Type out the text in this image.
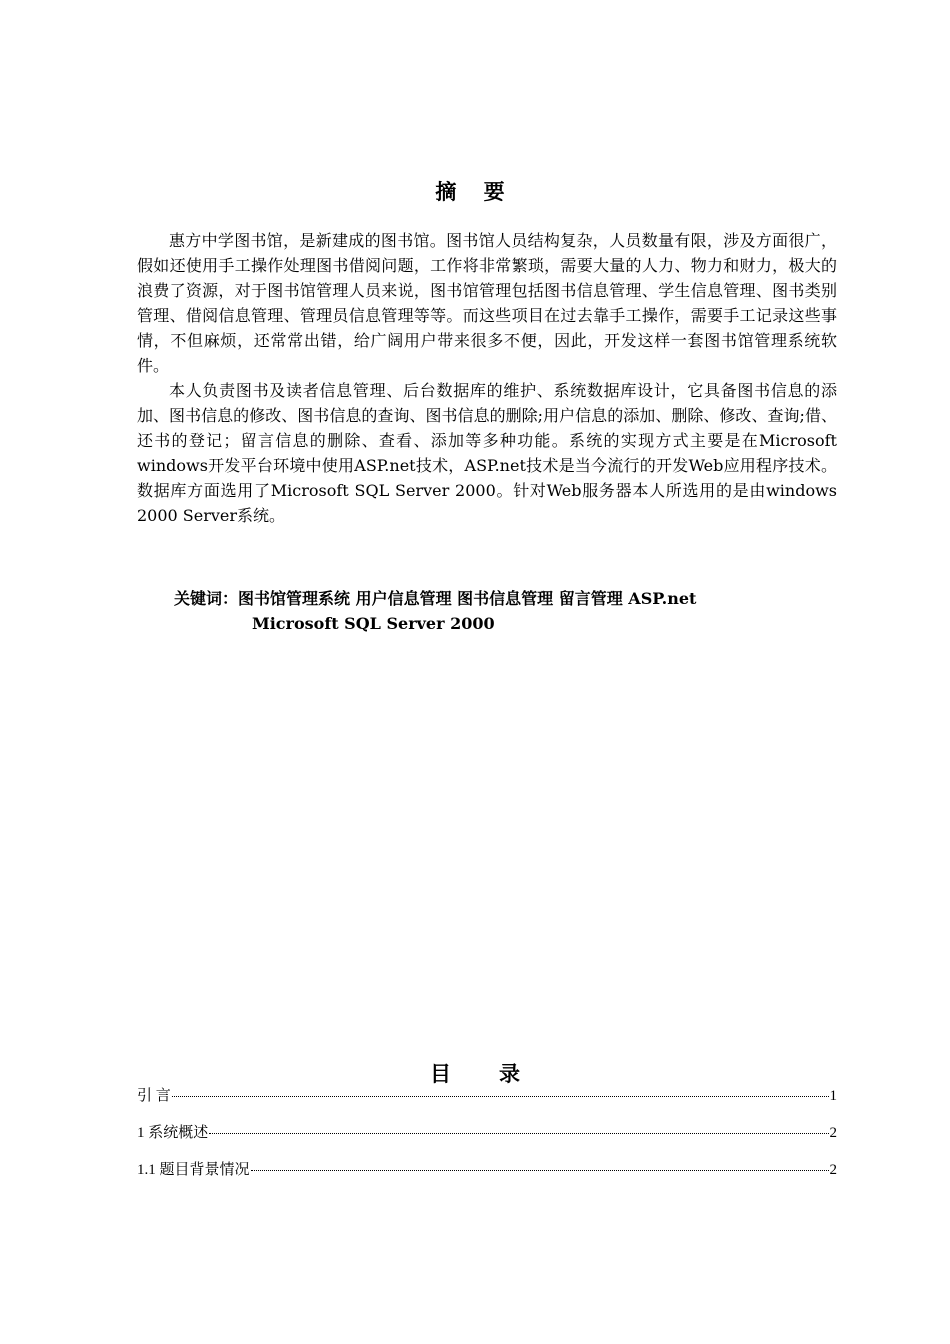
摘 要

惠方中学图书馆，是新建成的图书馆。图书馆人员结构复杂，人员数量有限，涉及方面很广，假如还使用手工操作处理图书借阅问题，工作将非常繁琐，需要大量的人力、物力和财力，极大的浪费了资源，对于图书馆管理人员来说，图书馆管理包括图书信息管理、学生信息管理、图书类别管理、借阅信息管理、管理员信息管理等等。而这些项目在过去靠手工操作，需要手工记录这些事情，不但麻烦，还常常出错，给广阔用户带来很多不便，因此，开发这样一套图书馆管理系统软件。

本人负责图书及读者信息管理、后台数据库的维护、系统数据库设计，它具备图书信息的添加、图书信息的修改、图书信息的查询、图书信息的删除;用户信息的添加、删除、修改、查询;借、还书的登记；留言信息的删除、查看、添加等多种功能。系统的实现方式主要是在Microsoft windows开发平台环境中使用ASP.net技术，ASP.net技术是当今流行的开发Web应用程序技术。数据库方面选用了Microsoft SQL Server 2000。针对Web服务器本人所选用的是由windows 2000 Server系统。

关键词：图书馆管理系统 用户信息管理 图书信息管理 留言管理 ASP.net
Microsoft SQL Server 2000
目录
引 言	1
1 系统概述	2
1.1 题目背景情况	2
